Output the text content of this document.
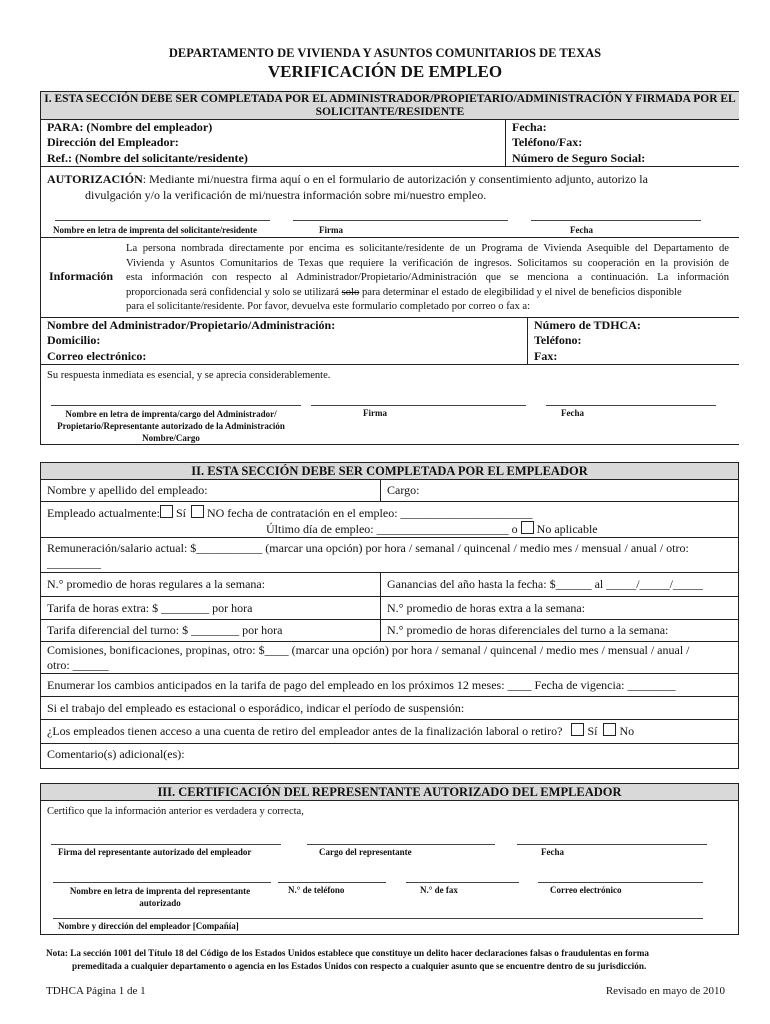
DEPARTAMENTO DE VIVIENDA Y ASUNTOS COMUNITARIOS DE TEXAS
VERIFICACIÓN DE EMPLEO
I. ESTA SECCIÓN DEBE SER COMPLETADA POR EL ADMINISTRADOR/PROPIETARIO/ADMINISTRACIÓN Y FIRMADA POR EL
SOLICITANTE/RESIDENTE
PARA: (Nombre del empleador)	Fecha:
Dirección del Empleador:	Teléfono/Fax:
Ref.: (Nombre del solicitante/residente)	Número de Seguro Social:
AUTORIZACIÓN: Mediante mi/nuestra firma aquí o en el formulario de autorización y consentimiento adjunto, autorizo la
divulgación y/o la verificación de mi/nuestra información sobre mi/nuestro empleo.
Nombre en letra de imprenta del solicitante/residente	Firma	Fecha
Información
La persona nombrada directamente por encima es solicitante/residente de un Programa de Vivienda Asequible del Departamento de
Vivienda y Asuntos Comunitarios de Texas que requiere la verificación de ingresos. Solicitamos su cooperación en la provisión de
esta información con respecto al Administrador/Propietario/Administración que se menciona a continuación. La información
proporcionada será confidencial y solo se utilizará solo para determinar el estado de elegibilidad y el nivel de beneficios disponible
para el solicitante/residente. Por favor, devuelva este formulario completado por correo o fax a:
Nombre del Administrador/Propietario/Administración:	Número de TDHCA:
Domicilio:	Teléfono:
Correo electrónico:	Fax:
Su respuesta inmediata es esencial, y se aprecia considerablemente.
Nombre en letra de imprenta/cargo del Administrador/
Propietario/Representante autorizado de la Administración
Nombre/Cargo
Firma	Fecha
II. ESTA SECCIÓN DEBE SER COMPLETADA POR EL EMPLEADOR
Nombre y apellido del empleado:	Cargo:
Empleado actualmente: Sí NO fecha de contratación en el empleo: ______________________
Último día de empleo: ______________________ o No aplicable
Remuneración/salario actual: $___________ (marcar una opción) por hora / semanal / quincenal / medio mes / mensual / anual / otro:
_________
N.° promedio de horas regulares a la semana:	Ganancias del año hasta la fecha: $______ al _____/_____/_____
Tarifa de horas extra: $ ________ por hora	N.° promedio de horas extra a la semana:
Tarifa diferencial del turno: $ ________ por hora	N.° promedio de horas diferenciales del turno a la semana:
Comisiones, bonificaciones, propinas, otro: $____ (marcar una opción) por hora / semanal / quincenal / medio mes / mensual / anual /
otro: ______
Enumerar los cambios anticipados en la tarifa de pago del empleado en los próximos 12 meses: ____ Fecha de vigencia: ________
Si el trabajo del empleado es estacional o esporádico, indicar el período de suspensión:
¿Los empleados tienen acceso a una cuenta de retiro del empleador antes de la finalización laboral o retiro? Sí No
Comentario(s) adicional(es):
III. CERTIFICACIÓN DEL REPRESENTANTE AUTORIZADO DEL EMPLEADOR
Certifico que la información anterior es verdadera y correcta,
Firma del representante autorizado del empleador	Cargo del representante	Fecha
Nombre en letra de imprenta del representante
autorizado
N.° de teléfono	N.° de fax	Correo electrónico
Nombre y dirección del empleador [Compañía]
Nota: La sección 1001 del Título 18 del Código de los Estados Unidos establece que constituye un delito hacer declaraciones falsas o fraudulentas en forma
premeditada a cualquier departamento o agencia en los Estados Unidos con respecto a cualquier asunto que se encuentre dentro de su jurisdicción.
TDHCA Página 1 de 1	Revisado en mayo de 2010
